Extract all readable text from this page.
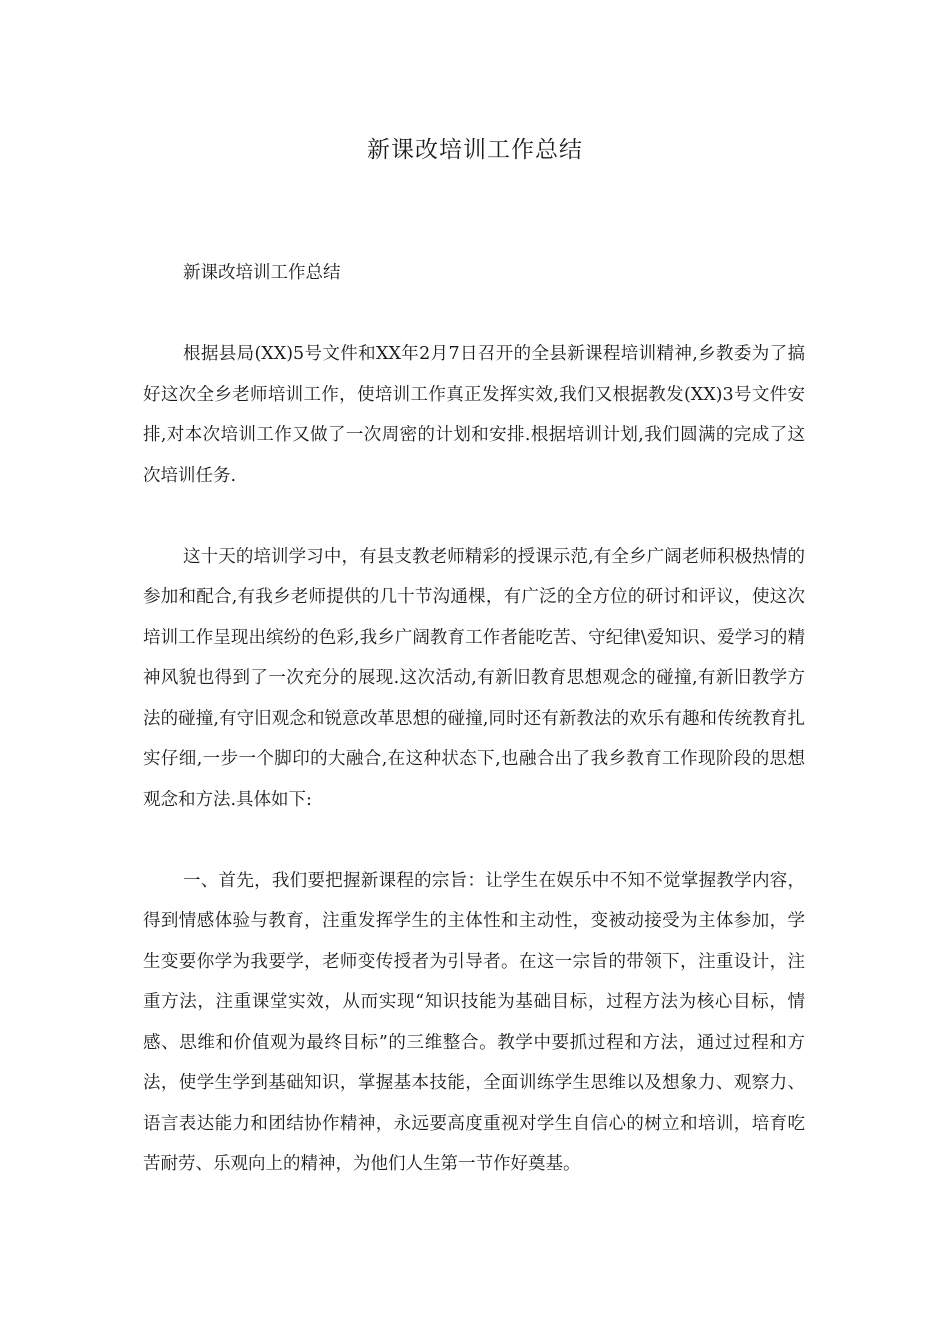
新课改培训工作总结

新课改培训工作总结

根据县局(XX)5号文件和XX年2月7日召开的全县新课程培训精神,乡教委为了搞好这次全乡老师培训工作，使培训工作真正发挥实效,我们又根据教发(XX)3号文件安排,对本次培训工作又做了一次周密的计划和安排.根据培训计划,我们圆满的完成了这次培训任务.

这十天的培训学习中，有县支教老师精彩的授课示范,有全乡广阔老师积极热情的参加和配合,有我乡老师提供的几十节沟通棵，有广泛的全方位的研讨和评议，使这次培训工作呈现出缤纷的色彩,我乡广阔教育工作者能吃苦、守纪律\爱知识、爱学习的精神风貌也得到了一次充分的展现.这次活动,有新旧教育思想观念的碰撞,有新旧教学方法的碰撞,有守旧观念和锐意改革思想的碰撞,同时还有新教法的欢乐有趣和传统教育扎实仔细,一步一个脚印的大融合,在这种状态下,也融合出了我乡教育工作现阶段的思想观念和方法.具体如下:

一、首先，我们要把握新课程的宗旨：让学生在娱乐中不知不觉掌握教学内容，得到情感体验与教育，注重发挥学生的主体性和主动性，变被动接受为主体参加，学生变要你学为我要学，老师变传授者为引导者。在这一宗旨的带领下，注重设计，注重方法，注重课堂实效，从而实现“知识技能为基础目标，过程方法为核心目标，情感、思维和价值观为最终目标”的三维整合。教学中要抓过程和方法，通过过程和方法，使学生学到基础知识，掌握基本技能，全面训练学生思维以及想象力、观察力、语言表达能力和团结协作精神，永远要高度重视对学生自信心的树立和培训，培育吃苦耐劳、乐观向上的精神，为他们人生第一节作好奠基。
